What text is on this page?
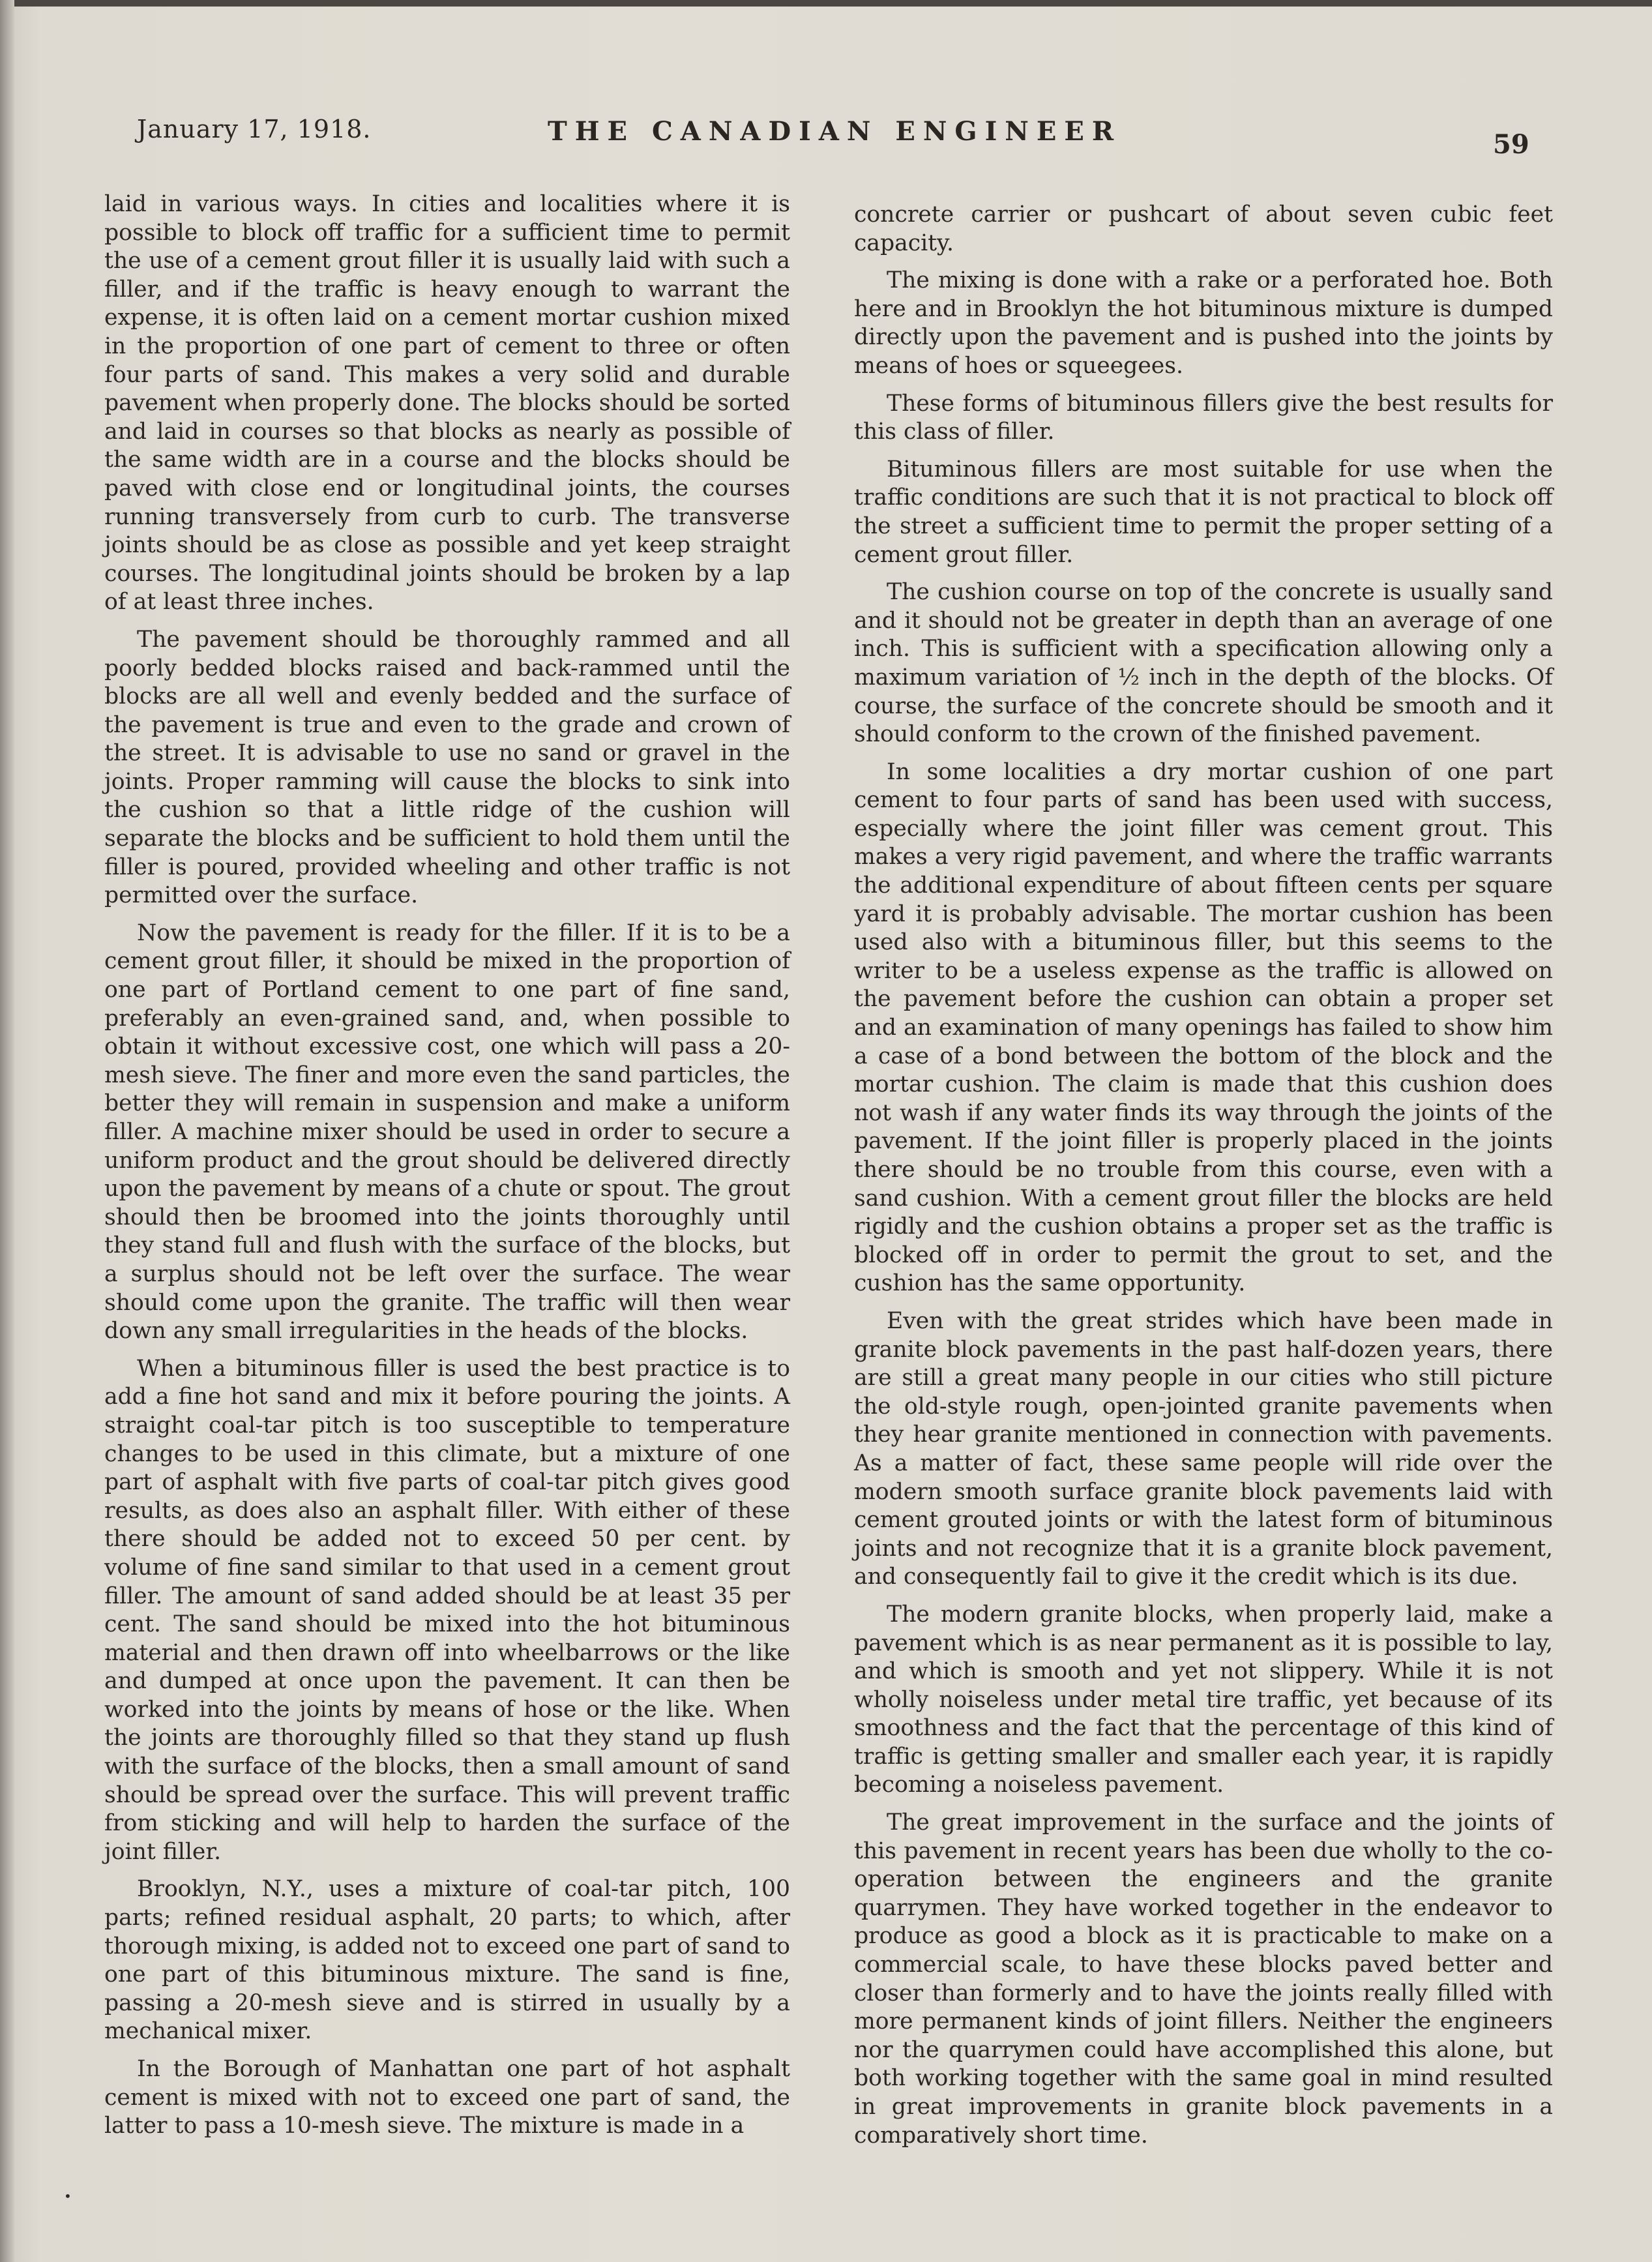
January 17, 1918.	THE CANADIAN ENGINEER	59

laid in various ways. In cities and localities where it is possible to block off traffic for a sufficient time to permit the use of a cement grout filler it is usually laid with such a filler, and if the traffic is heavy enough to warrant the expense, it is often laid on a cement mortar cushion mixed in the proportion of one part of cement to three or often four parts of sand. This makes a very solid and durable pavement when properly done. The blocks should be sorted and laid in courses so that blocks as nearly as possible of the same width are in a course and the blocks should be paved with close end or longitudinal joints, the courses running transversely from curb to curb. The transverse joints should be as close as possible and yet keep straight courses. The longitudinal joints should be broken by a lap of at least three inches.

The pavement should be thoroughly rammed and all poorly bedded blocks raised and back-rammed until the blocks are all well and evenly bedded and the surface of the pavement is true and even to the grade and crown of the street. It is advisable to use no sand or gravel in the joints. Proper ramming will cause the blocks to sink into the cushion so that a little ridge of the cushion will separate the blocks and be sufficient to hold them until the filler is poured, provided wheeling and other traffic is not permitted over the surface.

Now the pavement is ready for the filler. If it is to be a cement grout filler, it should be mixed in the proportion of one part of Portland cement to one part of fine sand, preferably an even-grained sand, and, when possible to obtain it without excessive cost, one which will pass a 20-mesh sieve. The finer and more even the sand particles, the better they will remain in suspension and make a uniform filler. A machine mixer should be used in order to secure a uniform product and the grout should be delivered directly upon the pavement by means of a chute or spout. The grout should then be broomed into the joints thoroughly until they stand full and flush with the surface of the blocks, but a surplus should not be left over the surface. The wear should come upon the granite. The traffic will then wear down any small irregularities in the heads of the blocks.

When a bituminous filler is used the best practice is to add a fine hot sand and mix it before pouring the joints. A straight coal-tar pitch is too susceptible to temperature changes to be used in this climate, but a mixture of one part of asphalt with five parts of coal-tar pitch gives good results, as does also an asphalt filler. With either of these there should be added not to exceed 50 per cent. by volume of fine sand similar to that used in a cement grout filler. The amount of sand added should be at least 35 per cent. The sand should be mixed into the hot bituminous material and then drawn off into wheelbarrows or the like and dumped at once upon the pavement. It can then be worked into the joints by means of hose or the like. When the joints are thoroughly filled so that they stand up flush with the surface of the blocks, then a small amount of sand should be spread over the surface. This will prevent traffic from sticking and will help to harden the surface of the joint filler.

Brooklyn, N.Y., uses a mixture of coal-tar pitch, 100 parts; refined residual asphalt, 20 parts; to which, after thorough mixing, is added not to exceed one part of sand to one part of this bituminous mixture. The sand is fine, passing a 20-mesh sieve and is stirred in usually by a mechanical mixer.

In the Borough of Manhattan one part of hot asphalt cement is mixed with not to exceed one part of sand, the latter to pass a 10-mesh sieve. The mixture is made in a

concrete carrier or pushcart of about seven cubic feet capacity.

The mixing is done with a rake or a perforated hoe. Both here and in Brooklyn the hot bituminous mixture is dumped directly upon the pavement and is pushed into the joints by means of hoes or squeegees.

These forms of bituminous fillers give the best results for this class of filler.

Bituminous fillers are most suitable for use when the traffic conditions are such that it is not practical to block off the street a sufficient time to permit the proper setting of a cement grout filler.

The cushion course on top of the concrete is usually sand and it should not be greater in depth than an average of one inch. This is sufficient with a specification allowing only a maximum variation of ½ inch in the depth of the blocks. Of course, the surface of the concrete should be smooth and it should conform to the crown of the finished pavement.

In some localities a dry mortar cushion of one part cement to four parts of sand has been used with success, especially where the joint filler was cement grout. This makes a very rigid pavement, and where the traffic warrants the additional expenditure of about fifteen cents per square yard it is probably advisable. The mortar cushion has been used also with a bituminous filler, but this seems to the writer to be a useless expense as the traffic is allowed on the pavement before the cushion can obtain a proper set and an examination of many openings has failed to show him a case of a bond between the bottom of the block and the mortar cushion. The claim is made that this cushion does not wash if any water finds its way through the joints of the pavement. If the joint filler is properly placed in the joints there should be no trouble from this course, even with a sand cushion. With a cement grout filler the blocks are held rigidly and the cushion obtains a proper set as the traffic is blocked off in order to permit the grout to set, and the cushion has the same opportunity.

Even with the great strides which have been made in granite block pavements in the past half-dozen years, there are still a great many people in our cities who still picture the old-style rough, open-jointed granite pavements when they hear granite mentioned in connection with pavements. As a matter of fact, these same people will ride over the modern smooth surface granite block pavements laid with cement grouted joints or with the latest form of bituminous joints and not recognize that it is a granite block pavement, and consequently fail to give it the credit which is its due.

The modern granite blocks, when properly laid, make a pavement which is as near permanent as it is possible to lay, and which is smooth and yet not slippery. While it is not wholly noiseless under metal tire traffic, yet because of its smoothness and the fact that the percentage of this kind of traffic is getting smaller and smaller each year, it is rapidly becoming a noiseless pavement.

The great improvement in the surface and the joints of this pavement in recent years has been due wholly to the co-operation between the engineers and the granite quarrymen. They have worked together in the endeavor to produce as good a block as it is practicable to make on a commercial scale, to have these blocks paved better and closer than formerly and to have the joints really filled with more permanent kinds of joint fillers. Neither the engineers nor the quarrymen could have accomplished this alone, but both working together with the same goal in mind resulted in great improvements in granite block pavements in a comparatively short time.

•
